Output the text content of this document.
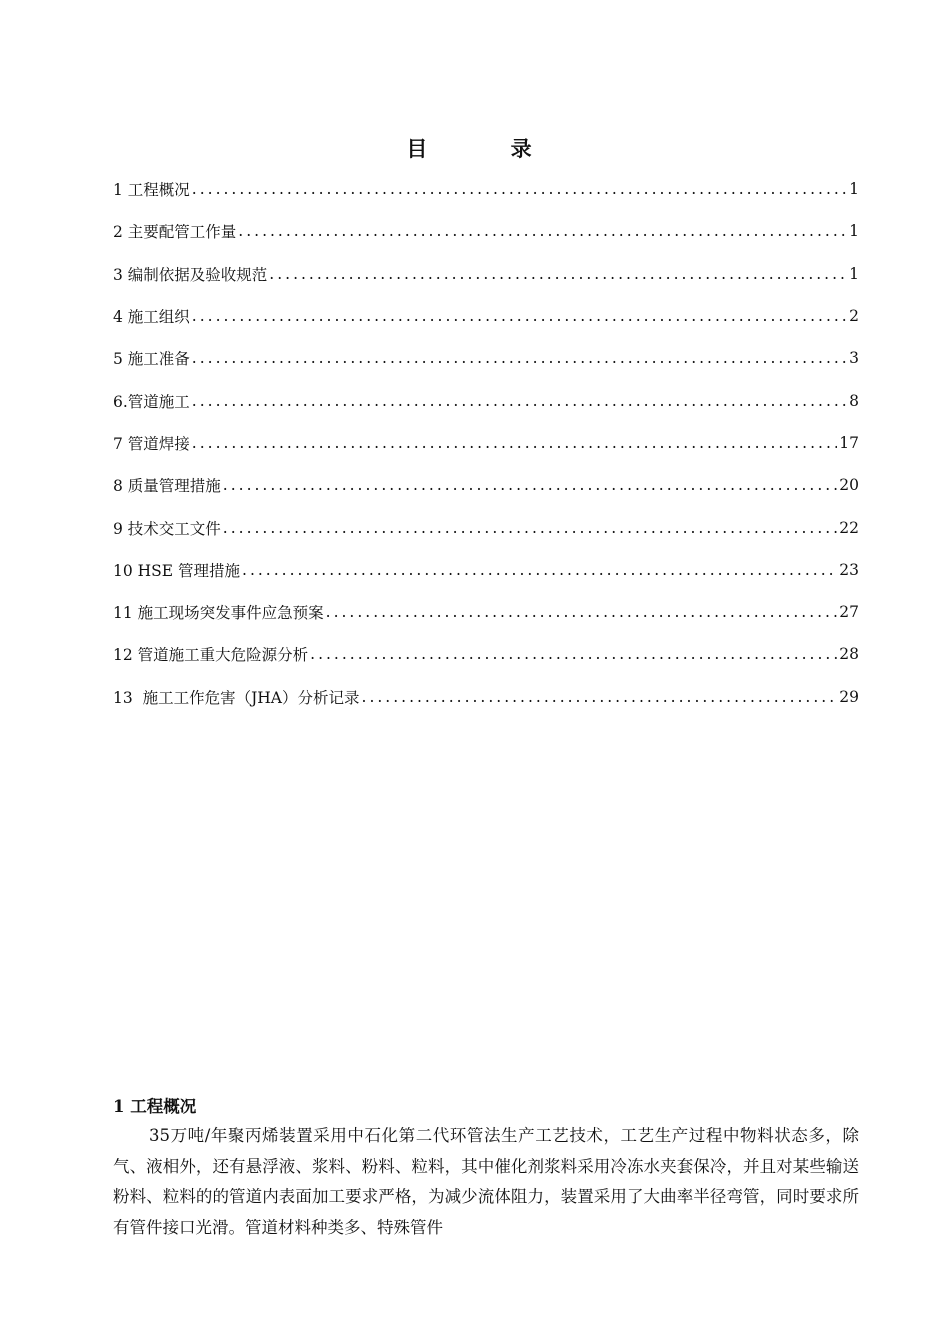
目 录
1 工程概况 .....	1
2 主要配管工作量 .....	1
3 编制依据及验收规范 .....	1
4 施工组织 .....	2
5 施工准备 .....	3
6.管道施工 .....	8
7 管道焊接 .....	17
8 质量管理措施 .....	20
9 技术交工文件 .....	22
10 HSE 管理措施 .....	23
11 施工现场突发事件应急预案 .....	27
12 管道施工重大危险源分析 .....	28
13  施工工作危害（JHA）分析记录 .....	29
1 工程概况

35万吨/年聚丙烯装置采用中石化第二代环管法生产工艺技术，工艺生产过程中物料状态多，除气、液相外，还有悬浮液、浆料、粉料、粒料，其中催化剂浆料采用冷冻水夹套保冷，并且对某些输送粉料、粒料的的管道内表面加工要求严格，为减少流体阻力，装置采用了大曲率半径弯管，同时要求所有管件接口光滑。管道材料种类多、特殊管件
